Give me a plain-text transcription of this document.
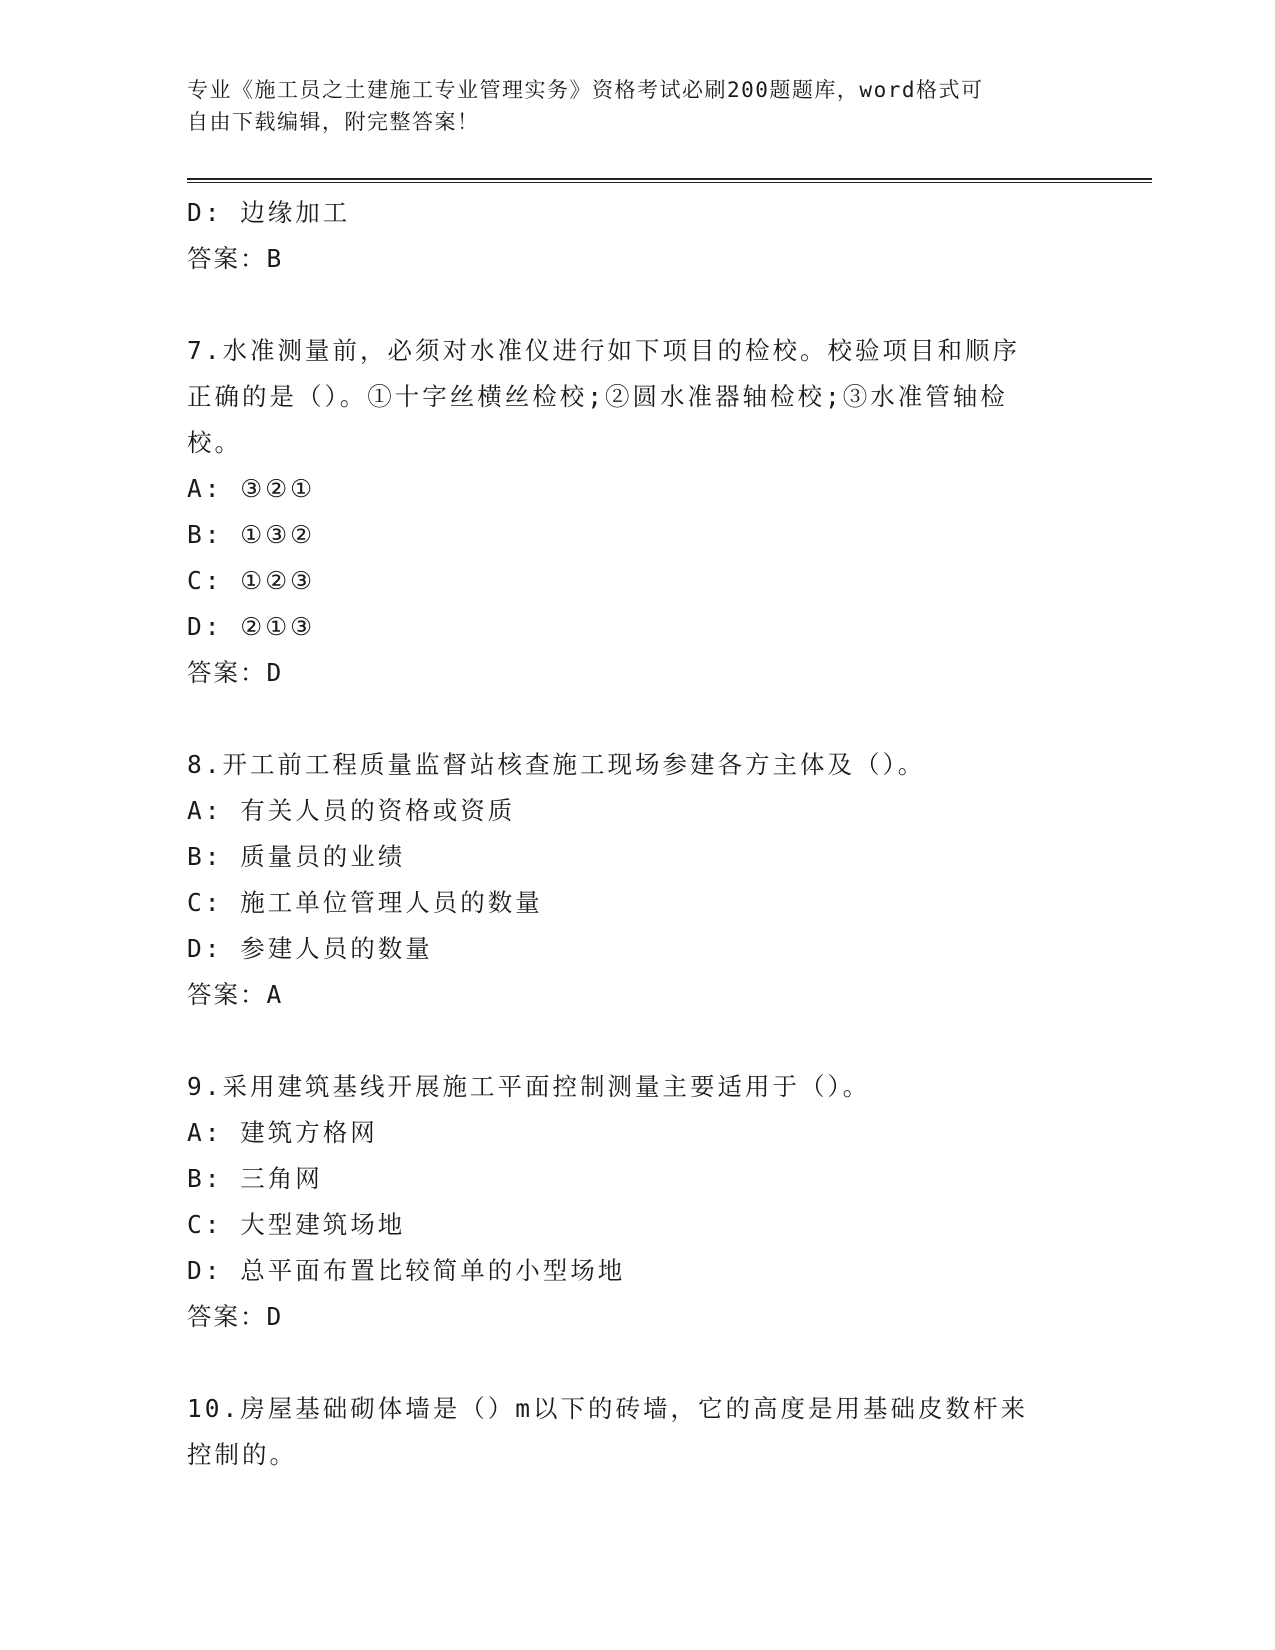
专业《施工员之土建施工专业管理实务》资格考试必刷200题题库，word格式可
自由下载编辑，附完整答案！
D: 边缘加工
答案：B
7.水准测量前，必须对水准仪进行如下项目的检校。校验项目和顺序
正确的是（）。①十字丝横丝检校;②圆水准器轴检校;③水准管轴检
校。
A: ③②①
B: ①③②
C: ①②③
D: ②①③
答案：D
8.开工前工程质量监督站核查施工现场参建各方主体及（）。
A: 有关人员的资格或资质
B: 质量员的业绩
C: 施工单位管理人员的数量
D: 参建人员的数量
答案：A
9.采用建筑基线开展施工平面控制测量主要适用于（）。
A: 建筑方格网
B: 三角网
C: 大型建筑场地
D: 总平面布置比较简单的小型场地
答案：D
10.房屋基础砌体墙是（）m以下的砖墙，它的高度是用基础皮数杆来
控制的。
